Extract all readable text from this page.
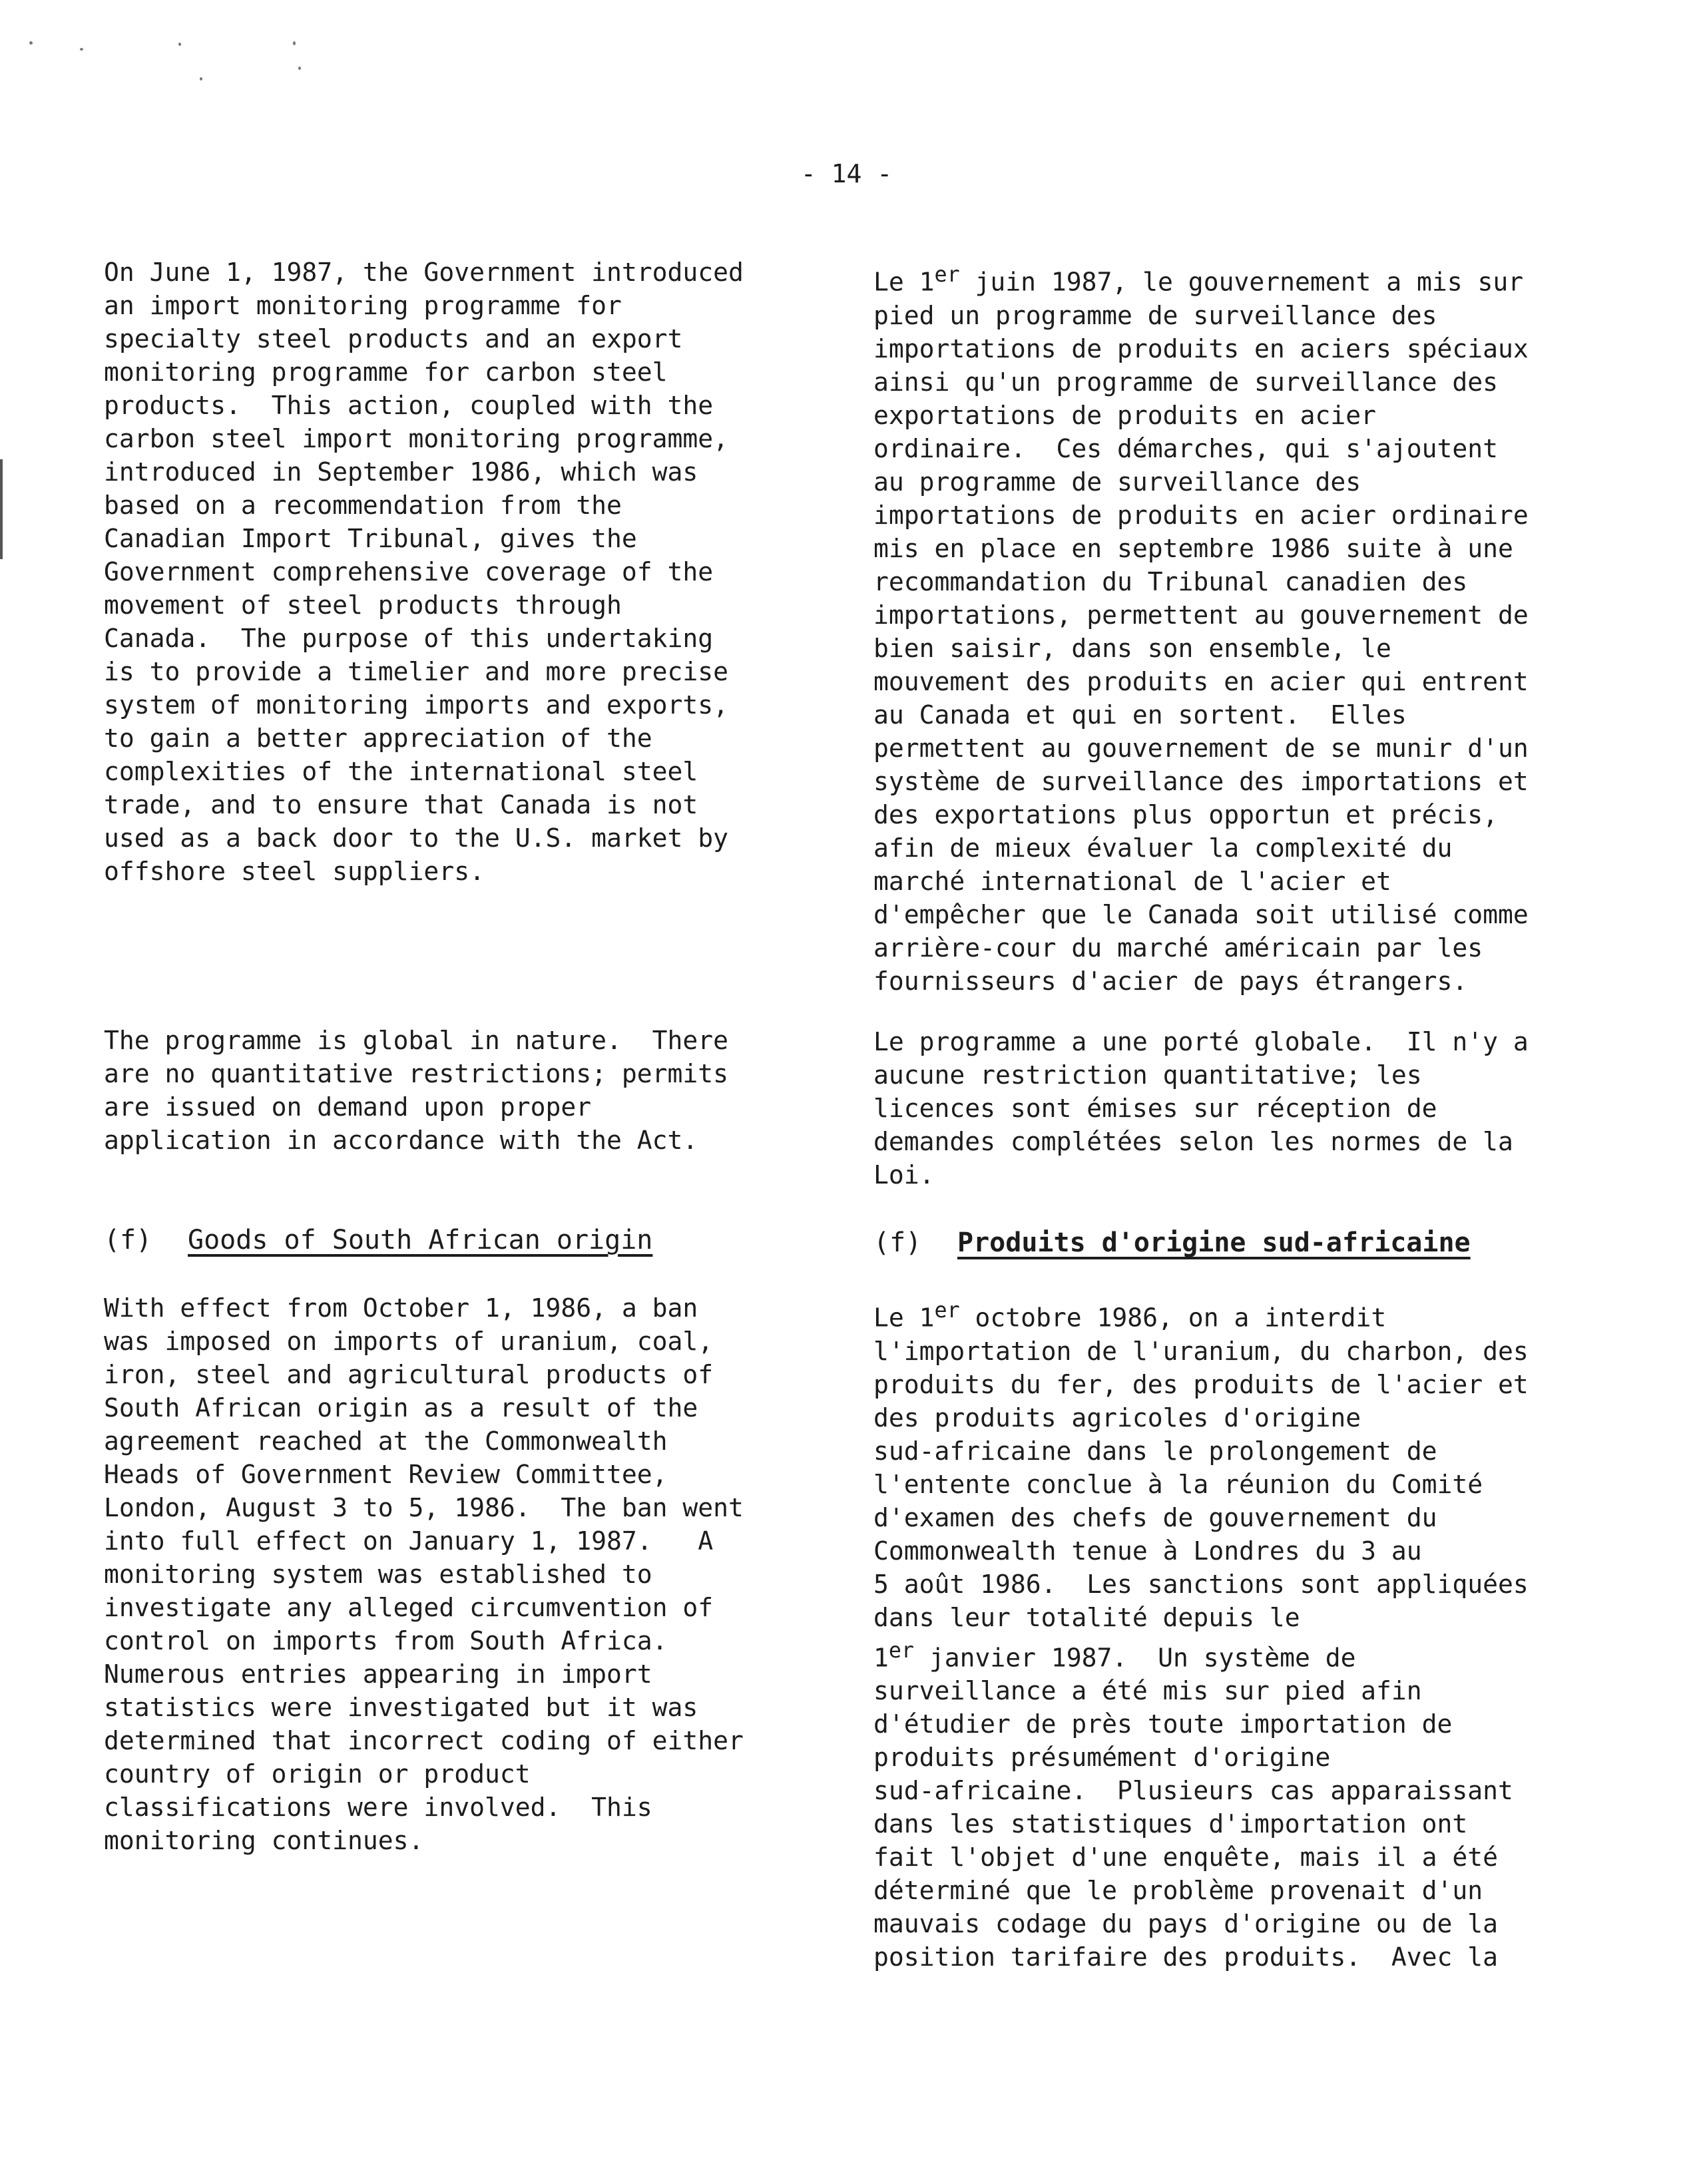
- 14 -
On June 1, 1987, the Government introduced
an import monitoring programme for
specialty steel products and an export
monitoring programme for carbon steel
products.  This action, coupled with the
carbon steel import monitoring programme,
introduced in September 1986, which was
based on a recommendation from the
Canadian Import Tribunal, gives the
Government comprehensive coverage of the
movement of steel products through
Canada.  The purpose of this undertaking
is to provide a timelier and more precise
system of monitoring imports and exports,
to gain a better appreciation of the
complexities of the international steel
trade, and to ensure that Canada is not
used as a back door to the U.S. market by
offshore steel suppliers.
The programme is global in nature.  There
are no quantitative restrictions; permits
are issued on demand upon proper
application in accordance with the Act.
(f) Goods of South African origin
With effect from October 1, 1986, a ban
was imposed on imports of uranium, coal,
iron, steel and agricultural products of
South African origin as a result of the
agreement reached at the Commonwealth
Heads of Government Review Committee,
London, August 3 to 5, 1986.  The ban went
into full effect on January 1, 1987.   A
monitoring system was established to
investigate any alleged circumvention of
control on imports from South Africa.
Numerous entries appearing in import
statistics were investigated but it was
determined that incorrect coding of either
country of origin or product
classifications were involved.  This
monitoring continues.
Le 1er juin 1987, le gouvernement a mis sur
pied un programme de surveillance des
importations de produits en aciers spéciaux
ainsi qu'un programme de surveillance des
exportations de produits en acier
ordinaire.  Ces démarches, qui s'ajoutent
au programme de surveillance des
importations de produits en acier ordinaire
mis en place en septembre 1986 suite à une
recommandation du Tribunal canadien des
importations, permettent au gouvernement de
bien saisir, dans son ensemble, le
mouvement des produits en acier qui entrent
au Canada et qui en sortent.  Elles
permettent au gouvernement de se munir d'un
système de surveillance des importations et
des exportations plus opportun et précis,
afin de mieux évaluer la complexité du
marché international de l'acier et
d'empêcher que le Canada soit utilisé comme
arrière-cour du marché américain par les
fournisseurs d'acier de pays étrangers.
Le programme a une porté globale.  Il n'y a
aucune restriction quantitative; les
licences sont émises sur réception de
demandes complétées selon les normes de la
Loi.
(f) Produits d'origine sud-africaine
Le 1er octobre 1986, on a interdit
l'importation de l'uranium, du charbon, des
produits du fer, des produits de l'acier et
des produits agricoles d'origine
sud-africaine dans le prolongement de
l'entente conclue à la réunion du Comité
d'examen des chefs de gouvernement du
Commonwealth tenue à Londres du 3 au
5 août 1986.  Les sanctions sont appliquées
dans leur totalité depuis le
1er janvier 1987.  Un système de
surveillance a été mis sur pied afin
d'étudier de près toute importation de
produits présumément d'origine
sud-africaine.  Plusieurs cas apparaissant
dans les statistiques d'importation ont
fait l'objet d'une enquête, mais il a été
déterminé que le problème provenait d'un
mauvais codage du pays d'origine ou de la
position tarifaire des produits.  Avec la
